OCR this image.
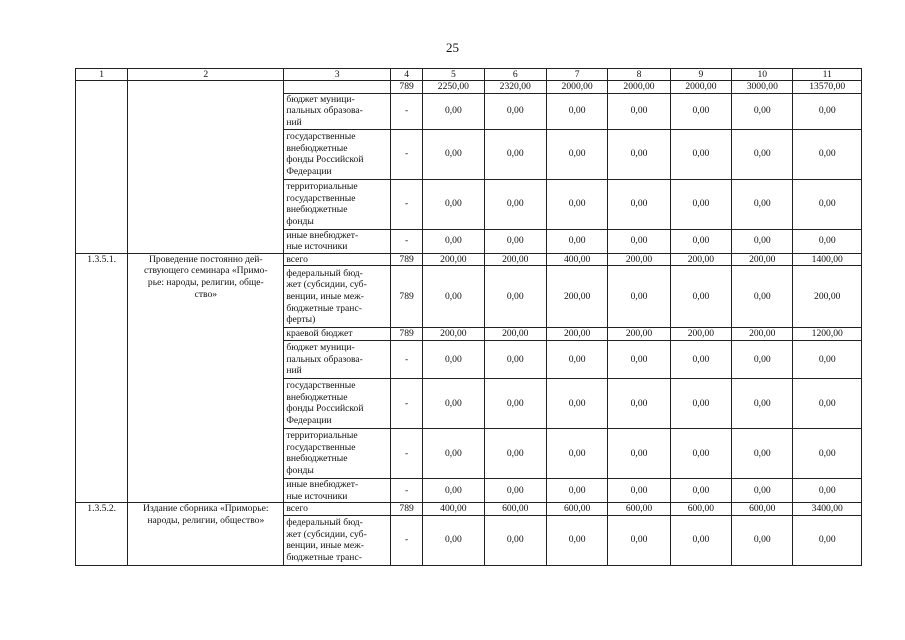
25
1	2	3	4	5	6	7	8	9	10	11
			789	2250,00	2320,00	2000,00	2000,00	2000,00	3000,00	13570,00
		бюджет муници-
пальных образова-
ний	-	0,00	0,00	0,00	0,00	0,00	0,00	0,00
		государственные
внебюджетные
фонды Российской
Федерации	-	0,00	0,00	0,00	0,00	0,00	0,00	0,00
		территориальные
государственные
внебюджетные
фонды	-	0,00	0,00	0,00	0,00	0,00	0,00	0,00
		иные внебюджет-
ные источники	-	0,00	0,00	0,00	0,00	0,00	0,00	0,00
1.3.5.1.	Проведение постоянно дей-
ствующего семинара «Примо-
рье: народы, религии, обще-
ство»	всего	789	200,00	200,00	400,00	200,00	200,00	200,00	1400,00
		федеральный бюд-
жет (субсидии, суб-
венции, иные меж-
бюджетные транс-
ферты)	789	0,00	0,00	200,00	0,00	0,00	0,00	200,00
		краевой бюджет	789	200,00	200,00	200,00	200,00	200,00	200,00	1200,00
		бюджет муници-
пальных образова-
ний	-	0,00	0,00	0,00	0,00	0,00	0,00	0,00
		государственные
внебюджетные
фонды Российской
Федерации	-	0,00	0,00	0,00	0,00	0,00	0,00	0,00
		территориальные
государственные
внебюджетные
фонды	-	0,00	0,00	0,00	0,00	0,00	0,00	0,00
		иные внебюджет-
ные источники	-	0,00	0,00	0,00	0,00	0,00	0,00	0,00
1.3.5.2.	Издание сборника «Приморье:
народы, религии, общество»	всего	789	400,00	600,00	600,00	600,00	600,00	600,00	3400,00
		федеральный бюд-
жет (субсидии, суб-
венции, иные меж-
бюджетные транс-	-	0,00	0,00	0,00	0,00	0,00	0,00	0,00
